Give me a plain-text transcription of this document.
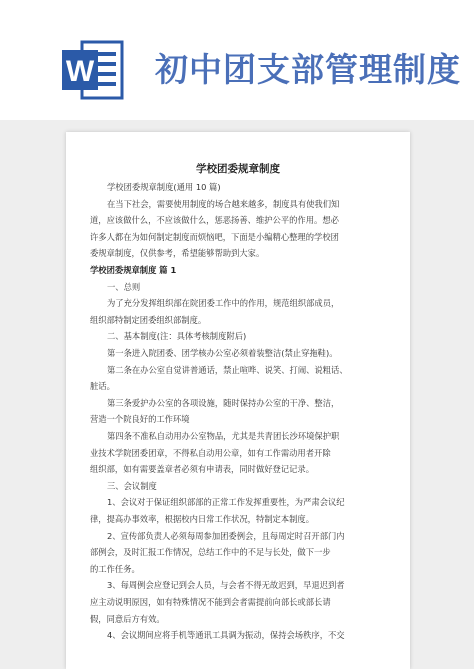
W 初中团支部管理制度
学校团委规章制度
学校团委规章制度(通用 10 篇)
在当下社会，需要使用制度的场合越来越多，制度具有使我们知
道，应该做什么，不应该做什么，惩恶扬善、维护公平的作用。想必
许多人都在为如何制定制度而烦恼吧，下面是小编精心整理的学校团
委规章制度，仅供参考，希望能够帮助到大家。
学校团委规章制度 篇 1
一、总则
为了充分发挥组织部在院团委工作中的作用，规范组织部成员，
组织部特制定团委组织部制度。
二、基本制度(注：具体考核制度附后)
第一条进入院团委、团学核办公室必须着装整洁(禁止穿拖鞋)。
第二条在办公室自觉讲普通话，禁止喧哗、说笑、打闹、说粗话、
脏话。
第三条爱护办公室的各项设施，随时保持办公室的干净、整洁，
营造一个院良好的工作环境
第四条不准私自动用办公室物品，尤其是共青团长沙环境保护职
业技术学院团委团章，不得私自动用公章，如有工作需动用者开除
组织部，如有需要盖章者必须有申请表，同时做好登记记录。
三、会议制度
1、会议对于保证组织部部的正常工作发挥重要性，为严肃会议纪
律，提高办事效率，根据校内日常工作状况，特制定本制度。
2、宣传部负责人必须每周参加团委例会，且每周定时召开部门内
部例会，及时汇报工作情况，总结工作中的不足与长处，做下一步
的工作任务。
3、每周例会应登记到会人员，与会者不得无故迟到，早退迟到者
应主动说明原因，如有特殊情况不能到会者需提前向部长或部长请
假，同意后方有效。
4、会议期间应将手机等通讯工具调为振动，保持会场秩序，不交
